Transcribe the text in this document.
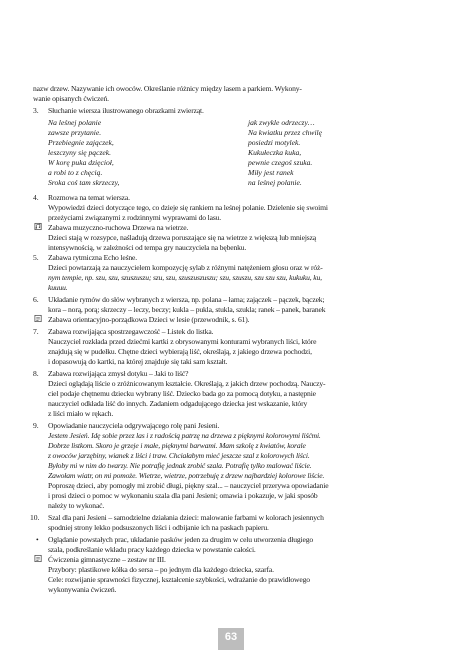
nazw drzew. Nazywanie ich owoców. Określanie różnicy między lasem a parkiem. Wykony-
wanie opisanych ćwiczeń.
3. Słuchanie wiersza ilustrowanego obrazkami zwierząt.
Na leśnej polanie
zawsze przytanie.
Przebiegnie zajączek,
leszczyny się pączek.
W korę puka dzięcioł,
a robi to z chęcią.
Sroka coś tam skrzeczy,
jak zwykle odrzeczy…
Na kwiatku przez chwilę
posiedzi motylek.
Kukułeczka kuka,
pewnie czegoś szuka.
Miły jest ranek
na leśnej polanie.
4. Rozmowa na temat wiersza.
Wypowiedzi dzieci dotyczące tego, co dzieje się rankiem na leśnej polanie. Dzielenie się swoimi
przeżyciami związanymi z rodzinnymi wyprawami do lasu.
Zabawa muzyczno-ruchowa Drzewa na wietrze.
Dzieci stają w rozsypce, naśladują drzewa poruszające się na wietrze z większą lub mniejszą
intensywnością, w zależności od tempa gry nauczyciela na bębenku.
5. Zabawa rytmiczna Echo leśne.
Dzieci powtarzają za nauczycielem kompozycję sylab z różnymi natężeniem głosu oraz w róż-
nym tempie, np. szu, szu, szuszuszu; szu, szu, szuszuszuszu; szu, szuszu, szu szu szu, kukuku, ku,
kuuuu.
6. Układanie rymów do słów wybranych z wiersza, np. polana – łama; zajączek – pączek, bączek;
kora – norą, porą; skrzeczy – leczy, beczy; kukla – pukla, stukla, szukla; ranek – panek, baranek
Zabawa orientacyjno-porządkowa Dzieci w lesie (przewodnik, s. 61).
7. Zabawa rozwijająca spostrzegawczość – Listek do listka.
Nauczyciel rozkłada przed dziećmi kartki z obrysowanymi konturami wybranych liści, które
znajdują się w pudełku. Chętne dzieci wybierają liść, określają, z jakiego drzewa pochodzi,
i dopasowują do kartki, na której znajduje się taki sam kształt.
8. Zabawa rozwijająca zmysł dotyku – Jaki to liść?
Dzieci oglądają liście o zróżnicowanym kształcie. Określają, z jakich drzew pochodzą. Nauczy-
ciel podaje chętnemu dziecku wybrany liść. Dziecko bada go za pomocą dotyku, a następnie
nauczyciel odkłada liść do innych. Zadaniem odgadującego dziecka jest wskazanie, który
z liści miało w rękach.
9. Opowiadanie nauczyciela odgrywającego rolę pani Jesieni.
Jestem Jesień. Idę sobie przez las i z radością patrzę na drzewa z pięknymi kolorowymi liśćmi.
Dobrze listkom. Skoro je grzeje i małe, pięknymi barwami. Mam szkolę z kwiatów, korale
z owoców jarzębiny, wianek z liści i traw. Chciałabym mieć jeszcze szal z kolorowych liści.
Byłoby mi w nim do twarzy. Nie potrafię jednak zrobić szala. Potrafię tylko malować liście.
Zawołam wiatr, on mi pomoże. Wietrze, wietrze, potrzebuję z drzew najbardziej kolorowe liście.
Poproszę dzieci, aby pomogły mi zrobić długi, piękny szal... – nauczyciel przerywa opowiadanie
i prosi dzieci o pomoc w wykonaniu szala dla pani Jesieni; omawia i pokazuje, w jaki sposób
należy to wykonać.
10. Szal dla pani Jesieni – samodzielne działania dzieci: malowanie farbami w kolorach jesiennych
spodniej strony lekko podsuszonych liści i odbijanie ich na paskach papieru.
• Oglądanie powstałych prac, układanie pasków jeden za drugim w celu utworzenia długiego
szala, podkreślanie wkładu pracy każdego dziecka w powstanie całości.
Ćwiczenia gimnastyczne – zestaw nr III.
Przybory: plastikowe kółka do sersa – po jednym dla każdego dziecka, szarfa.
Cele: rozwijanie sprawności fizycznej, kształcenie szybkości, wdrażanie do prawidłowego
wykonywania ćwiczeń.
63
